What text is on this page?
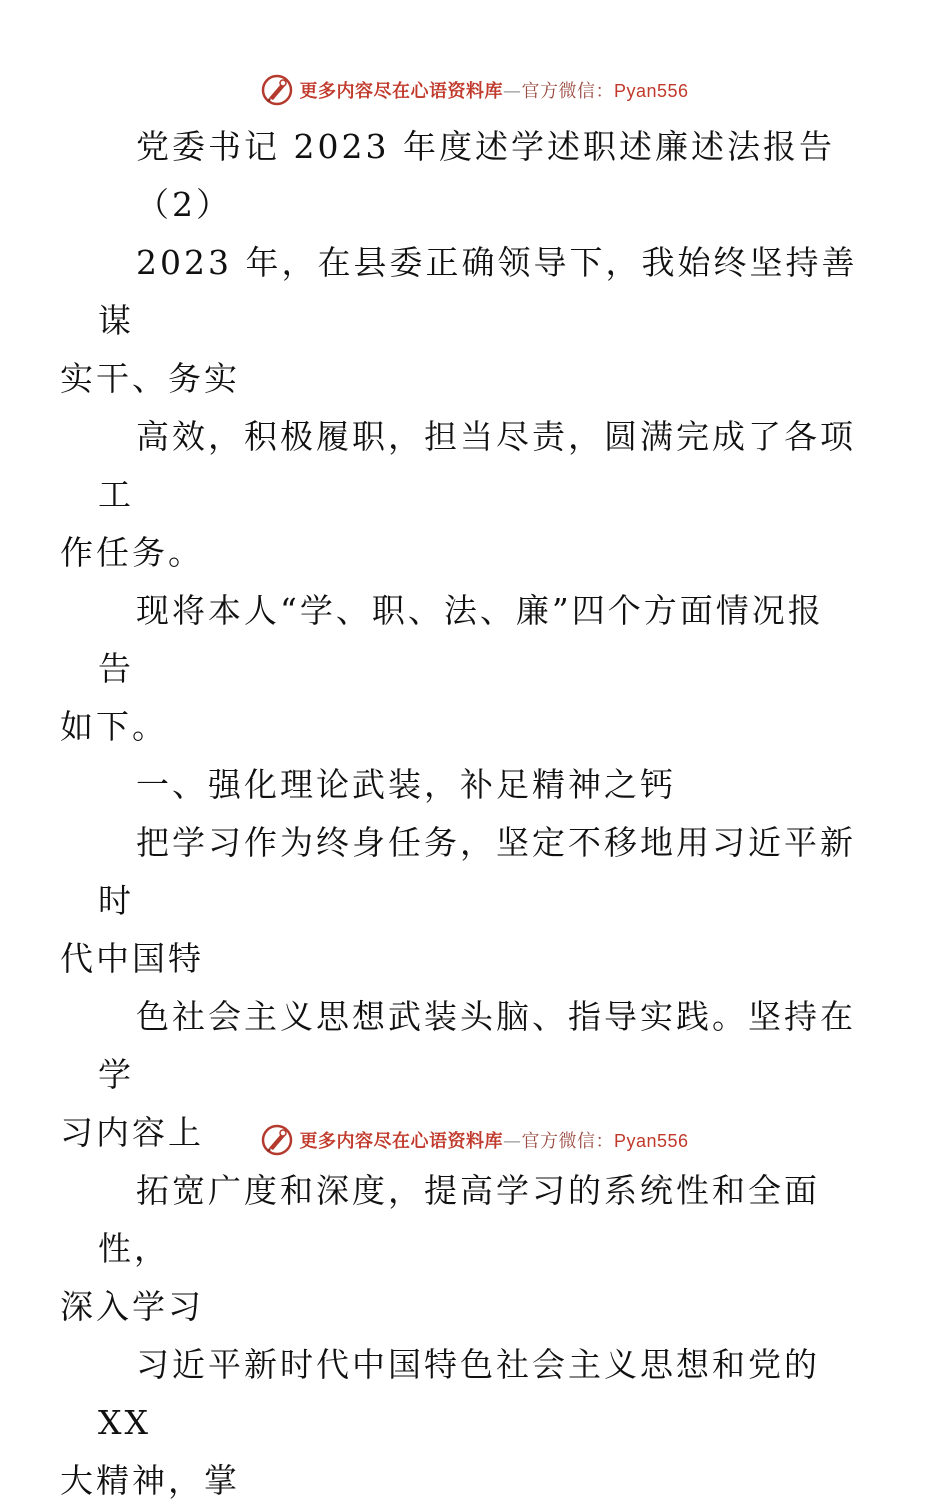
更多内容尽在心语资料库—官方微信：Pyan556

党委书记 2023 年度述学述职述廉述法报告

（2）

2023 年，在县委正确领导下，我始终坚持善谋
实干、务实

高效，积极履职，担当尽责，圆满完成了各项工
作任务。

现将本人“学、职、法、廉”四个方面情况报告
如下。

一、强化理论武装，补足精神之钙

把学习作为终身任务，坚定不移地用习近平新时
代中国特

色社会主义思想武装头脑、指导实践。坚持在学
习内容上

拓宽广度和深度，提高学习的系统性和全面性，
深入学习

习近平新时代中国特色社会主义思想和党的 XX
大精神，掌

更多内容尽在心语资料库—官方微信：Pyan556
